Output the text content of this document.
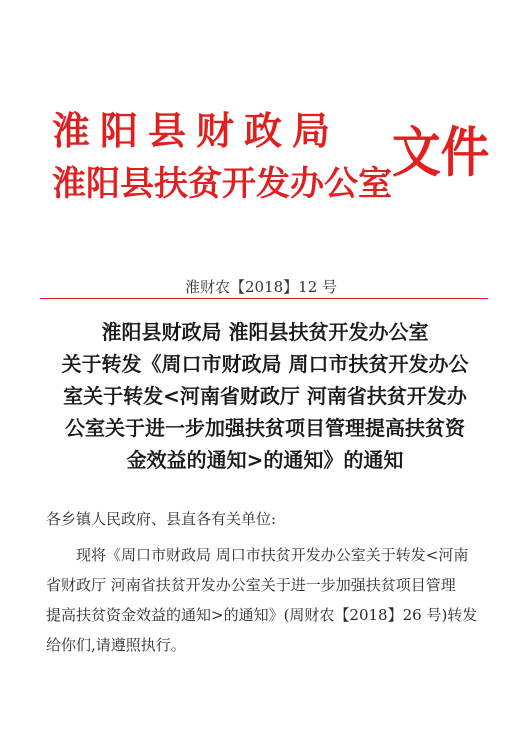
淮阳县财政局
淮阳县扶贫开发办公室 文件
淮财农【2018】12 号
淮阳县财政局 淮阳县扶贫开发办公室
关于转发《周口市财政局 周口市扶贫开发办公
室关于转发<河南省财政厅 河南省扶贫开发办
公室关于进一步加强扶贫项目管理提高扶贫资
金效益的通知>的通知》的通知
各乡镇人民政府、县直各有关单位:
现将《周口市财政局 周口市扶贫开发办公室关于转发<河南
省财政厅 河南省扶贫开发办公室关于进一步加强扶贫项目管理
提高扶贫资金效益的通知>的通知》(周财农【2018】26 号)转发
给你们,请遵照执行。
